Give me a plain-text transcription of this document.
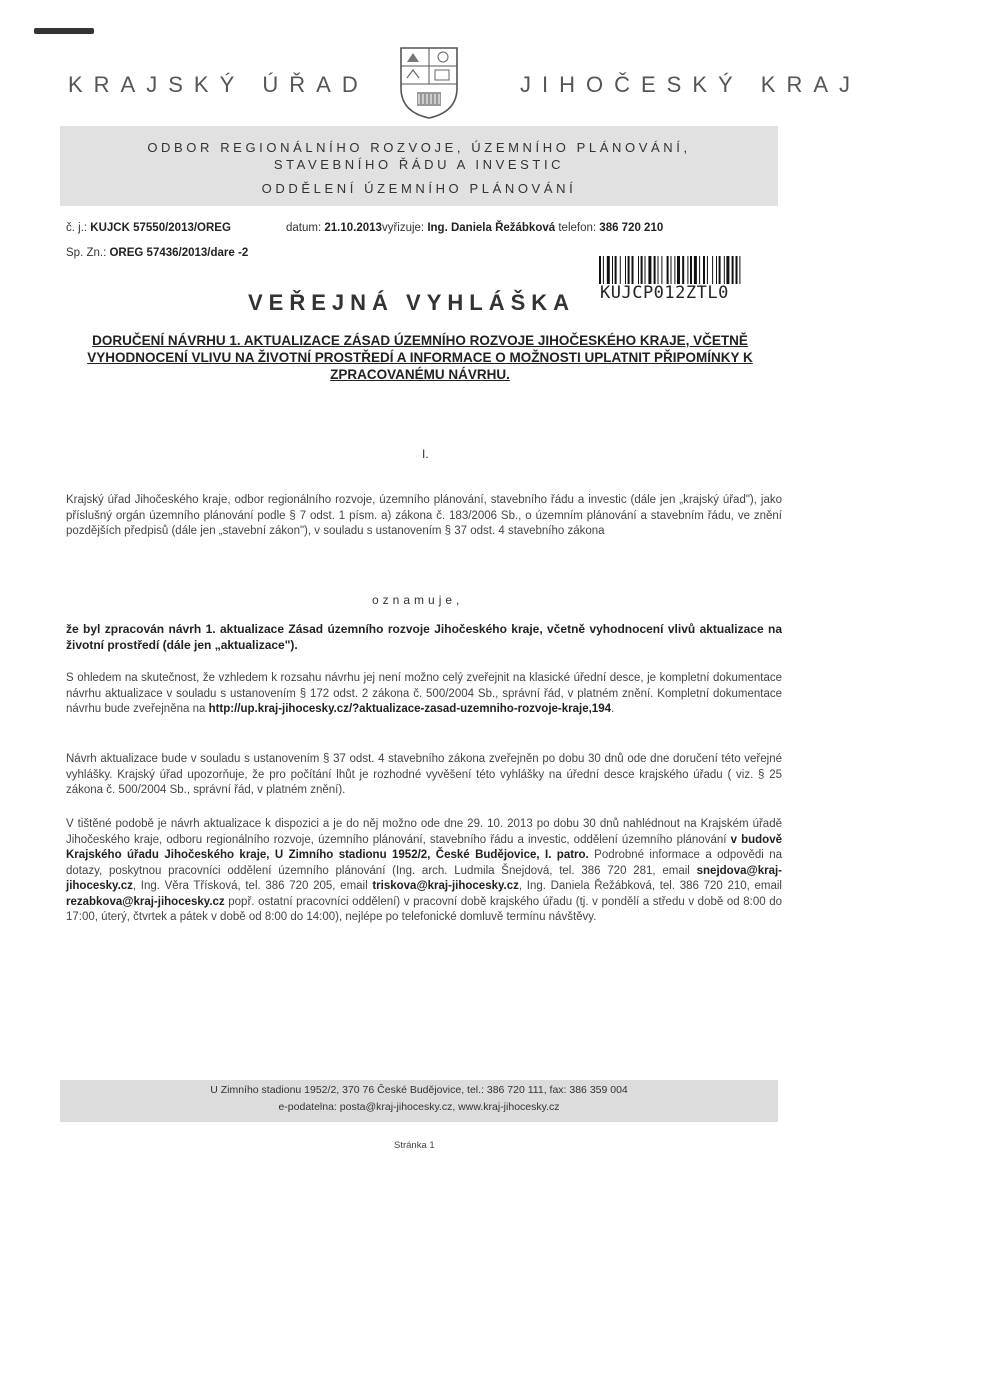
KRAJSKÝ ÚŘAD	JIHOČESKÝ KRAJ
ODBOR REGIONÁLNÍHO ROZVOJE, ÚZEMNÍHO PLÁNOVÁNÍ,
STAVEBNÍHO ŘÁDU A INVESTIC
ODDĚLENÍ ÚZEMNÍHO PLÁNOVÁNÍ
č. j.: KUJCK 57550/2013/OREG	datum: 21.10.2013vyřizuje: Ing. Daniela Řežábková telefon: 386 720 210
Sp. Zn.: OREG 57436/2013/dare -2
KUJCP012ZTL0
VEŘEJNÁ VYHLÁŠKA
DORUČENÍ NÁVRHU 1. AKTUALIZACE ZÁSAD ÚZEMNÍHO ROZVOJE JIHOČESKÉHO KRAJE, VČETNĚ VYHODNOCENÍ VLIVU NA ŽIVOTNÍ PROSTŘEDÍ A INFORMACE O MOŽNOSTI UPLATNIT PŘIPOMÍNKY K ZPRACOVANÉMU NÁVRHU.
I.
Krajský úřad Jihočeského kraje, odbor regionálního rozvoje, územního plánování, stavebního řádu a investic (dále jen „krajský úřad"), jako příslušný orgán územního plánování podle § 7 odst. 1 písm. a) zákona č. 183/2006 Sb., o územním plánování a stavebním řádu, ve znění pozdějších předpisů (dále jen „stavební zákon"), v souladu s ustanovením § 37 odst. 4 stavebního zákona
oznamuje,
že byl zpracován návrh 1. aktualizace Zásad územního rozvoje Jihočeského kraje, včetně vyhodnocení vlivů aktualizace na životní prostředí (dále jen „aktualizace").
S ohledem na skutečnost, že vzhledem k rozsahu návrhu jej není možno celý zveřejnit na klasické úřední desce, je kompletní dokumentace návrhu aktualizace v souladu s ustanovením § 172 odst. 2 zákona č. 500/2004 Sb., správní řád, v platném znění. Kompletní dokumentace návrhu bude zveřejněna na http://up.kraj-jihocesky.cz/?aktualizace-zasad-uzemniho-rozvoje-kraje,194.
Návrh aktualizace bude v souladu s ustanovením § 37 odst. 4 stavebního zákona zveřejněn po dobu 30 dnů ode dne doručení této veřejné vyhlášky. Krajský úřad upozorňuje, že pro počítání lhůt je rozhodné vyvěšení této vyhlášky na úřední desce krajského úřadu ( viz. § 25 zákona č. 500/2004 Sb., správní řád, v platném znění).
V tištěné podobě je návrh aktualizace k dispozici a je do něj možno ode dne 29. 10. 2013 po dobu 30 dnů nahlédnout na Krajském úřadě Jihočeského kraje, odboru regionálního rozvoje, územního plánování, stavebního řádu a investic, oddělení územního plánování v budově Krajského úřadu Jihočeského kraje, U Zimního stadionu 1952/2, České Budějovice, I. patro. Podrobné informace a odpovědi na dotazy, poskytnou pracovníci oddělení územního plánování (Ing. arch. Ludmila Šnejdová, tel. 386 720 281, email snejdova@kraj-jihocesky.cz, Ing. Věra Třísková, tel. 386 720 205, email triskova@kraj-jihocesky.cz, Ing. Daniela Řežábková, tel. 386 720 210, email rezabkova@kraj-jihocesky.cz popř. ostatní pracovníci oddělení) v pracovní době krajského úřadu (tj. v pondělí a středu v době od 8:00 do 17:00, úterý, čtvrtek a pátek v době od 8:00 do 14:00), nejlépe po telefonické domluvě termínu návštěvy.
U Zimního stadionu 1952/2, 370 76 České Budějovice, tel.: 386 720 111, fax: 386 359 004
e-podatelna: posta@kraj-jihocesky.cz, www.kraj-jihocesky.cz
Stránka 1
